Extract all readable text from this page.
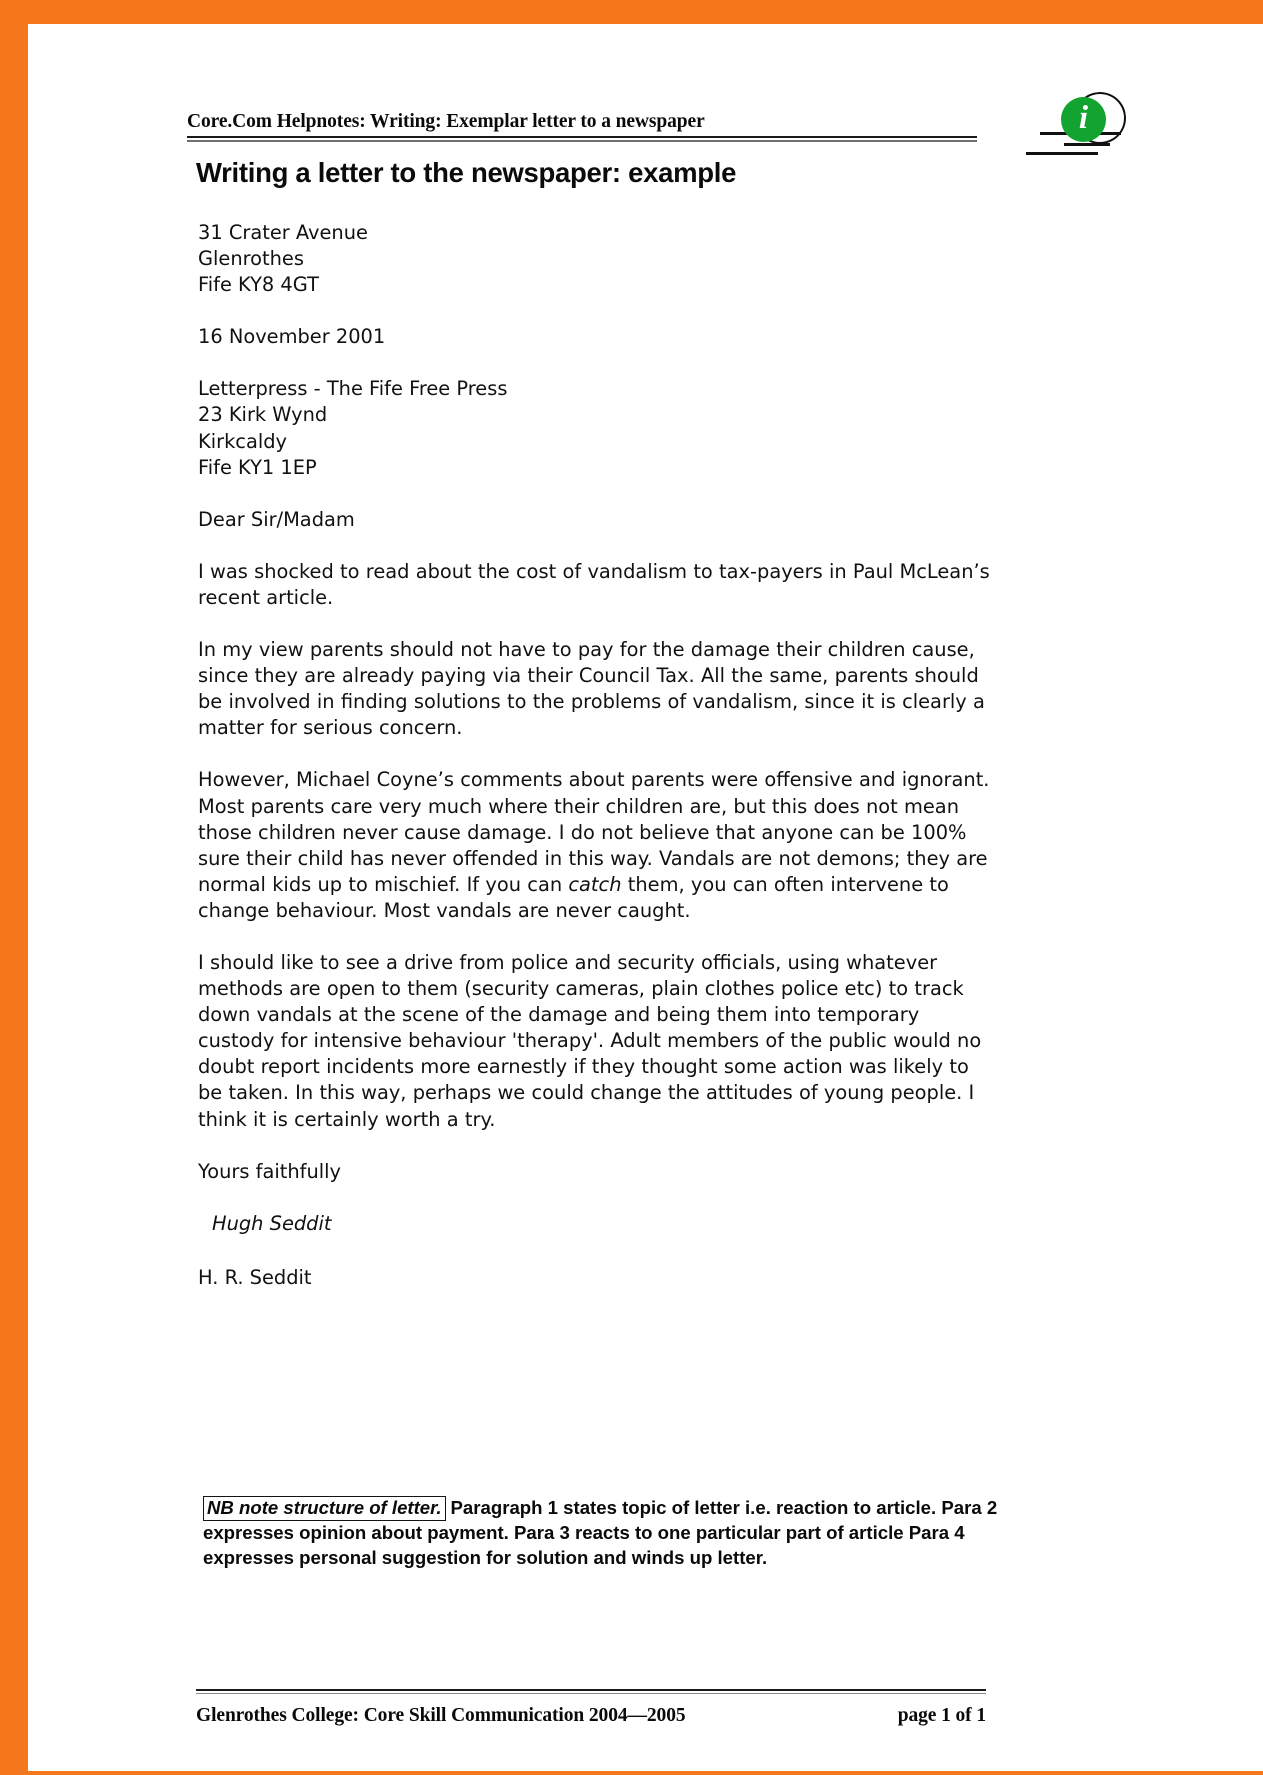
Core.Com Helpnotes: Writing: Exemplar letter to a newspaper	i
Writing a letter to the newspaper: example
31 Crater Avenue
Glenrothes
Fife KY8 4GT
16 November 2001
Letterpress - The Fife Free Press
23 Kirk Wynd
Kirkcaldy
Fife KY1 1EP
Dear Sir/Madam

I was shocked to read about the cost of vandalism to tax-payers in Paul McLean’s recent article.

In my view parents should not have to pay for the damage their children cause, since they are already paying via their Council Tax. All the same, parents should be involved in finding solutions to the problems of vandalism, since it is clearly a matter for serious concern.

However, Michael Coyne’s comments about parents were offensive and ignorant. Most parents care very much where their children are, but this does not mean those children never cause damage. I do not believe that anyone can be 100% sure their child has never offended in this way. Vandals are not demons; they are normal kids up to mischief. If you can catch them, you can often intervene to change behaviour. Most vandals are never caught.

I should like to see a drive from police and security officials, using whatever methods are open to them (security cameras, plain clothes police etc) to track down vandals at the scene of the damage and being them into temporary custody for intensive behaviour 'therapy'. Adult members of the public would no doubt report incidents more earnestly if they thought some action was likely to be taken. In this way, perhaps we could change the attitudes of young people. I think it is certainly worth a try.

Yours faithfully
Hugh Seddit
H. R. Seddit
NB note structure of letter. Paragraph 1 states topic of letter i.e. reaction to article. Para 2 expresses opinion about payment. Para 3 reacts to one particular part of article Para 4 expresses personal suggestion for solution and winds up letter.
Glenrothes College: Core Skill Communication 2004—2005	page 1 of 1
